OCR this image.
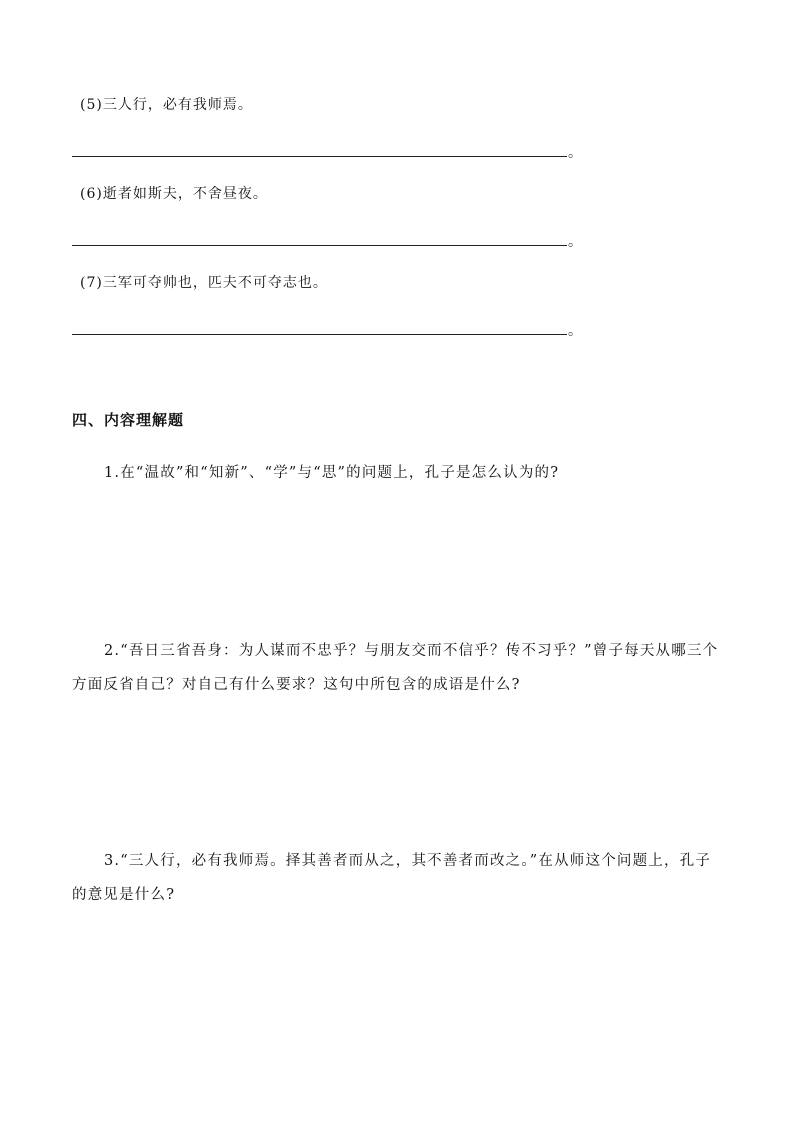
(5)三人行，必有我师焉。
。
(6)逝者如斯夫，不舍昼夜。
。
(7)三军可夺帅也，匹夫不可夺志也。
。
四、内容理解题

1.在“温故”和“知新”、“学”与“思”的问题上，孔子是怎么认为的?

2.“吾日三省吾身：为人谋而不忠乎？与朋友交而不信乎？传不习乎？”曾子每天从哪三个方面反省自己？对自己有什么要求？这句中所包含的成语是什么?

3.“三人行，必有我师焉。择其善者而从之，其不善者而改之。”在从师这个问题上，孔子的意见是什么?
